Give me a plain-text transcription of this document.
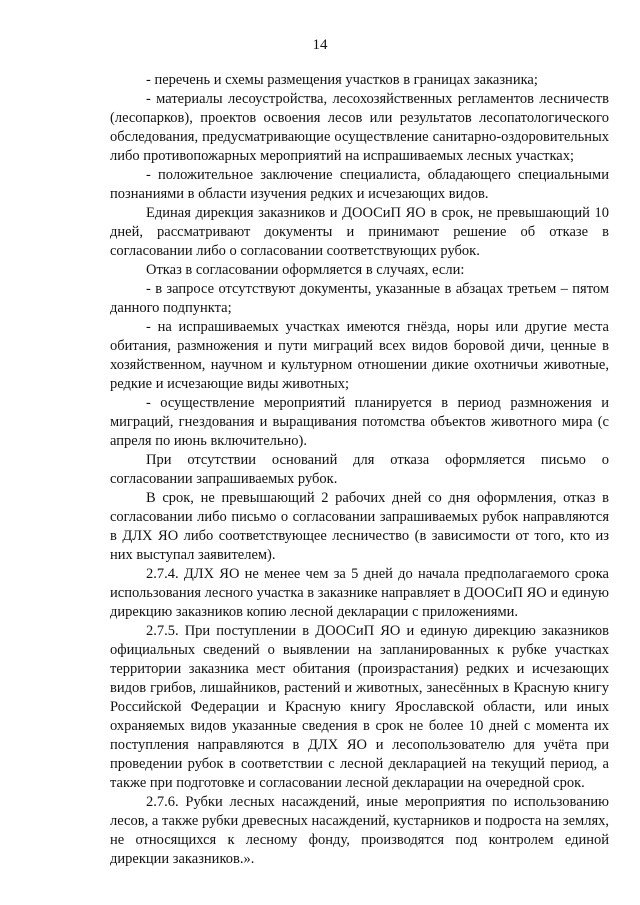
14

- перечень и схемы размещения участков в границах заказника;

- материалы лесоустройства, лесохозяйственных регламентов лесничеств (лесопарков), проектов освоения лесов или результатов лесопатологического обследования, предусматривающие осуществление санитарно-оздоровительных либо противопожарных мероприятий на испрашиваемых лесных участках;

- положительное заключение специалиста, обладающего специальными познаниями в области изучения редких и исчезающих видов.

Единая дирекция заказников и ДООСиП ЯО в срок, не превышающий 10 дней, рассматривают документы и принимают решение об отказе в согласовании либо о согласовании соответствующих рубок.

Отказ в согласовании оформляется в случаях, если:

- в запросе отсутствуют документы, указанные в абзацах третьем – пятом данного подпункта;

- на испрашиваемых участках имеются гнёзда, норы или другие места обитания, размножения и пути миграций всех видов боровой дичи, ценные в хозяйственном, научном и культурном отношении дикие охотничьи животные, редкие и исчезающие виды животных;

- осуществление мероприятий планируется в период размножения и миграций, гнездования и выращивания потомства объектов животного мира (с апреля по июнь включительно).

При отсутствии оснований для отказа оформляется письмо о согласовании запрашиваемых рубок.

В срок, не превышающий 2 рабочих дней со дня оформления, отказ в согласовании либо письмо о согласовании запрашиваемых рубок направляются в ДЛХ ЯО либо соответствующее лесничество (в зависимости от того, кто из них выступал заявителем).

2.7.4. ДЛХ ЯО не менее чем за 5 дней до начала предполагаемого срока использования лесного участка в заказнике направляет в ДООСиП ЯО и единую дирекцию заказников копию лесной декларации с приложениями.

2.7.5. При поступлении в ДООСиП ЯО и единую дирекцию заказников официальных сведений о выявлении на запланированных к рубке участках территории заказника мест обитания (произрастания) редких и исчезающих видов грибов, лишайников, растений и животных, занесённых в Красную книгу Российской Федерации и Красную книгу Ярославской области, или иных охраняемых видов указанные сведения в срок не более 10 дней с момента их поступления направляются в ДЛХ ЯО и лесопользователю для учёта при проведении рубок в соответствии с лесной декларацией на текущий период, а также при подготовке и согласовании лесной декларации на очередной срок.

2.7.6. Рубки лесных насаждений, иные мероприятия по использованию лесов, а также рубки древесных насаждений, кустарников и подроста на землях, не относящихся к лесному фонду, производятся под контролем единой дирекции заказников.».
